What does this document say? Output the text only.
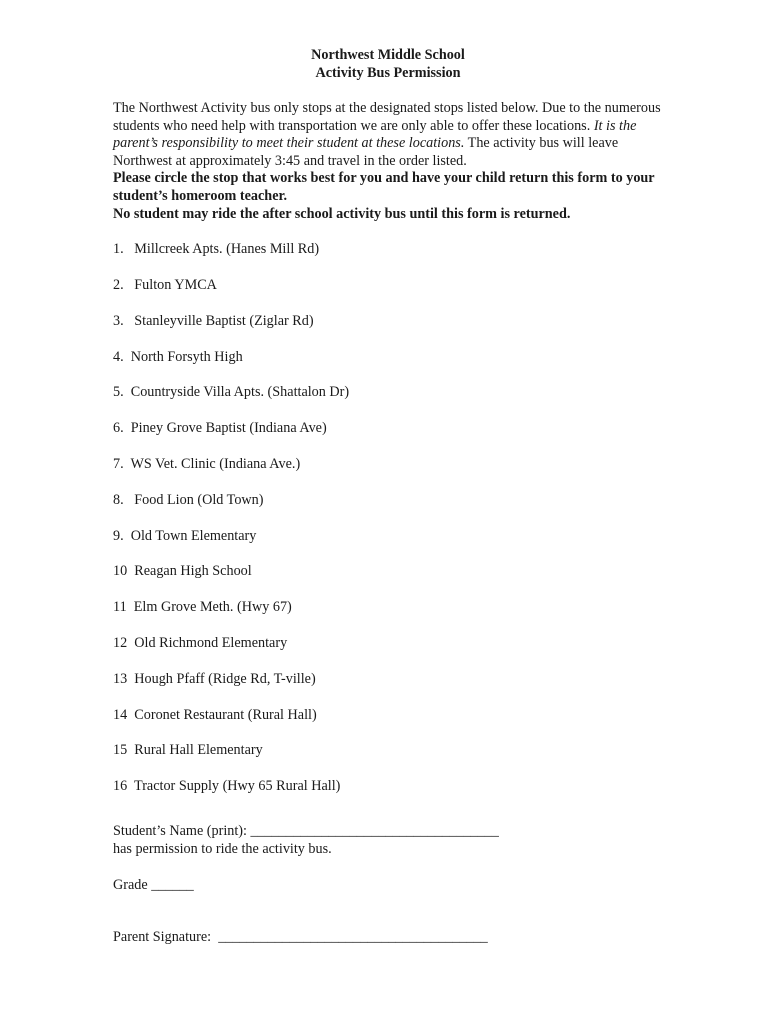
Northwest Middle School
Activity Bus Permission
The Northwest Activity bus only stops at the designated stops listed below. Due to the numerous students who need help with transportation we are only able to offer these locations. It is the parent’s responsibility to meet their student at these locations. The activity bus will leave Northwest at approximately 3:45 and travel in the order listed.
Please circle the stop that works best for you and have your child return this form to your student’s homeroom teacher.
No student may ride the after school activity bus until this form is returned.
1.   Millcreek Apts. (Hanes Mill Rd)
2.   Fulton YMCA
3.   Stanleyville Baptist (Ziglar Rd)
4.  North Forsyth High
5.  Countryside Villa Apts. (Shattalon Dr)
6.  Piney Grove Baptist (Indiana Ave)
7.  WS Vet. Clinic (Indiana Ave.)
8.   Food Lion (Old Town)
9.  Old Town Elementary
10  Reagan High School
11  Elm Grove Meth. (Hwy 67)
12  Old Richmond Elementary
13  Hough Pfaff (Ridge Rd, T-ville)
14  Coronet Restaurant (Rural Hall)
15  Rural Hall Elementary
16  Tractor Supply (Hwy 65 Rural Hall)
Student’s Name (print): ___________________________________
has permission to ride the activity bus.
Grade ______
Parent Signature:  ______________________________________
